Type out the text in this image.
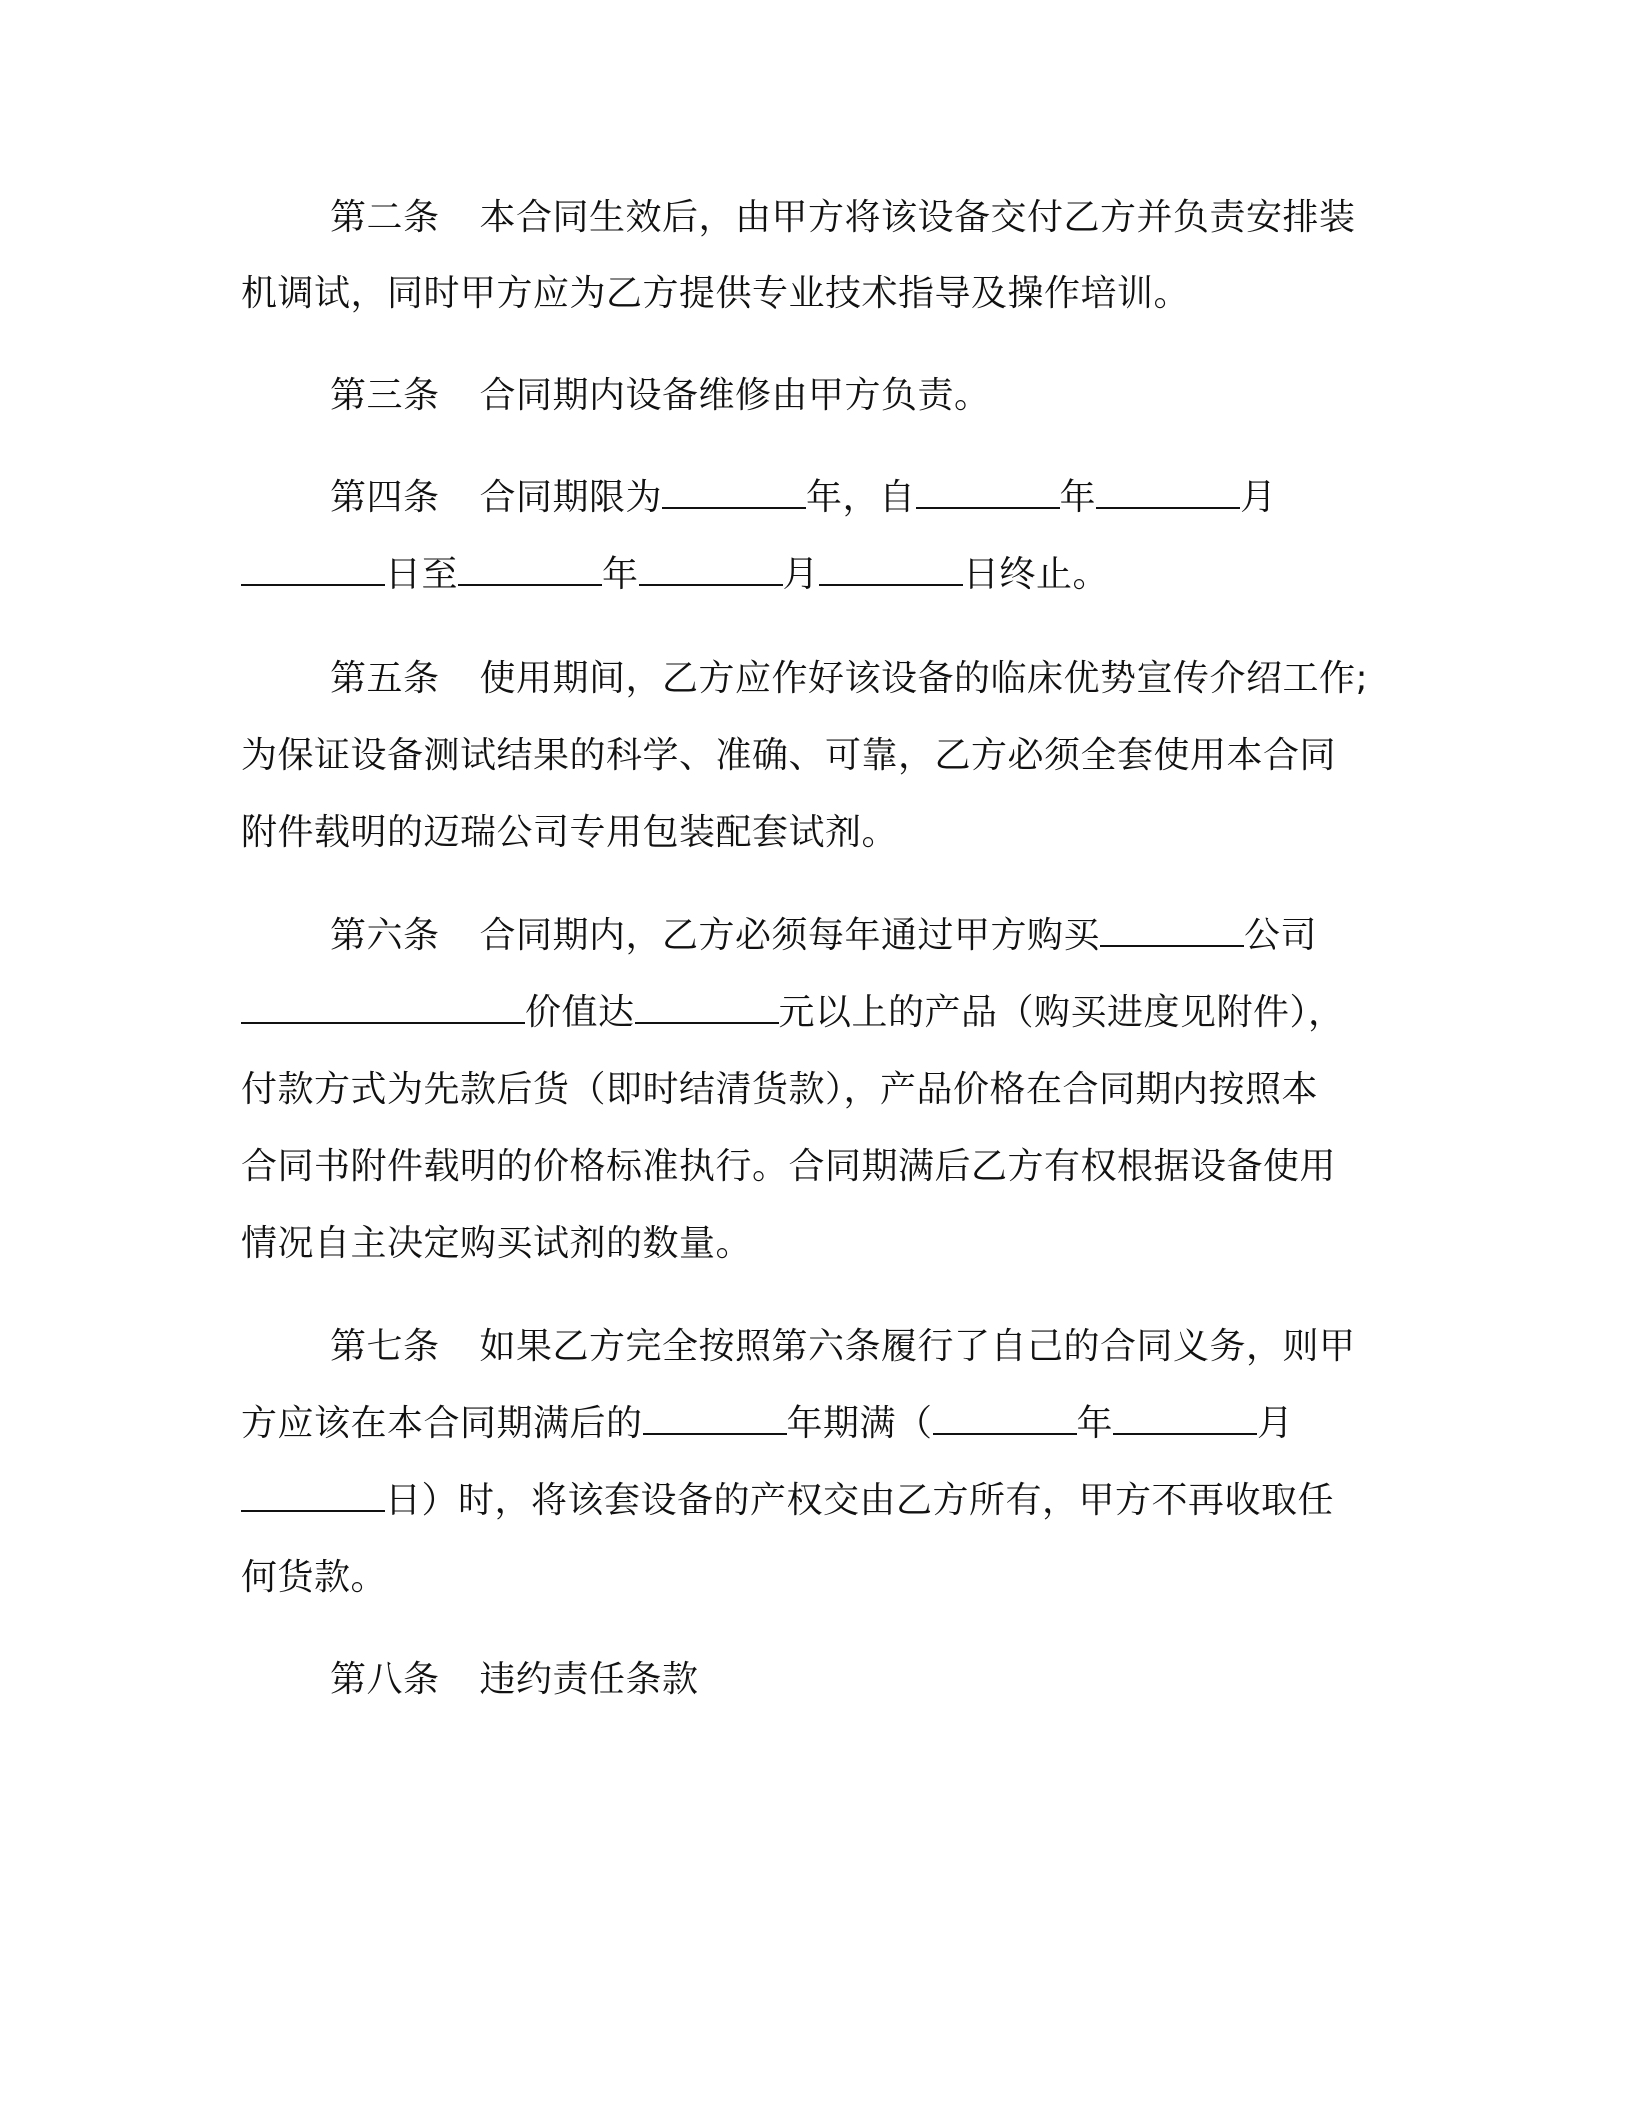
第二条 本合同生效后，由甲方将该设备交付乙方并负责安排装
机调试，同时甲方应为乙方提供专业技术指导及操作培训。
第三条 合同期内设备维修由甲方负责。
第四条 合同期限为	年，自	年	月
日至	年	月	日终止。
第五条 使用期间，乙方应作好该设备的临床优势宣传介绍工作;
为保证设备测试结果的科学、准确、可靠，乙方必须全套使用本合同
附件载明的迈瑞公司专用包装配套试剂。
第六条 合同期内，乙方必须每年通过甲方购买	公司
价值达	元以上的产品（购买进度见附件），
付款方式为先款后货（即时结清货款），产品价格在合同期内按照本
合同书附件载明的价格标准执行。合同期满后乙方有权根据设备使用
情况自主决定购买试剂的数量。
第七条 如果乙方完全按照第六条履行了自己的合同义务，则甲
方应该在本合同期满后的	年期满（	年	月
日）时，将该套设备的产权交由乙方所有，甲方不再收取任
何货款。
第八条 违约责任条款
